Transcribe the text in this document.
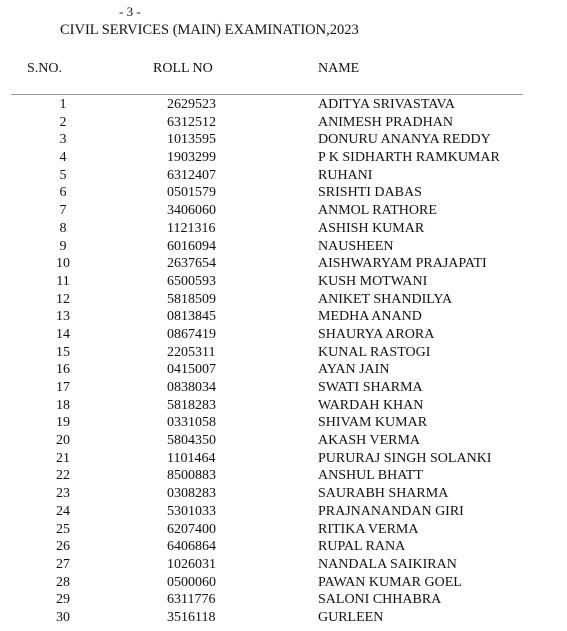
- 3 -
CIVIL SERVICES (MAIN) EXAMINATION,2023
S.NO.	ROLL NO	NAME
1	2629523	ADITYA SRIVASTAVA
2	6312512	ANIMESH PRADHAN
3	1013595	DONURU ANANYA REDDY
4	1903299	P K SIDHARTH RAMKUMAR
5	6312407	RUHANI
6	0501579	SRISHTI DABAS
7	3406060	ANMOL RATHORE
8	1121316	ASHISH KUMAR
9	6016094	NAUSHEEN
10	2637654	AISHWARYAM PRAJAPATI
11	6500593	KUSH MOTWANI
12	5818509	ANIKET SHANDILYA
13	0813845	MEDHA ANAND
14	0867419	SHAURYA ARORA
15	2205311	KUNAL RASTOGI
16	0415007	AYAN JAIN
17	0838034	SWATI SHARMA
18	5818283	WARDAH KHAN
19	0331058	SHIVAM KUMAR
20	5804350	AKASH VERMA
21	1101464	PURURAJ SINGH SOLANKI
22	8500883	ANSHUL BHATT
23	0308283	SAURABH SHARMA
24	5301033	PRAJNANANDAN GIRI
25	6207400	RITIKA VERMA
26	6406864	RUPAL RANA
27	1026031	NANDALA SAIKIRAN
28	0500060	PAWAN KUMAR GOEL
29	6311776	SALONI CHHABRA
30	3516118	GURLEEN
